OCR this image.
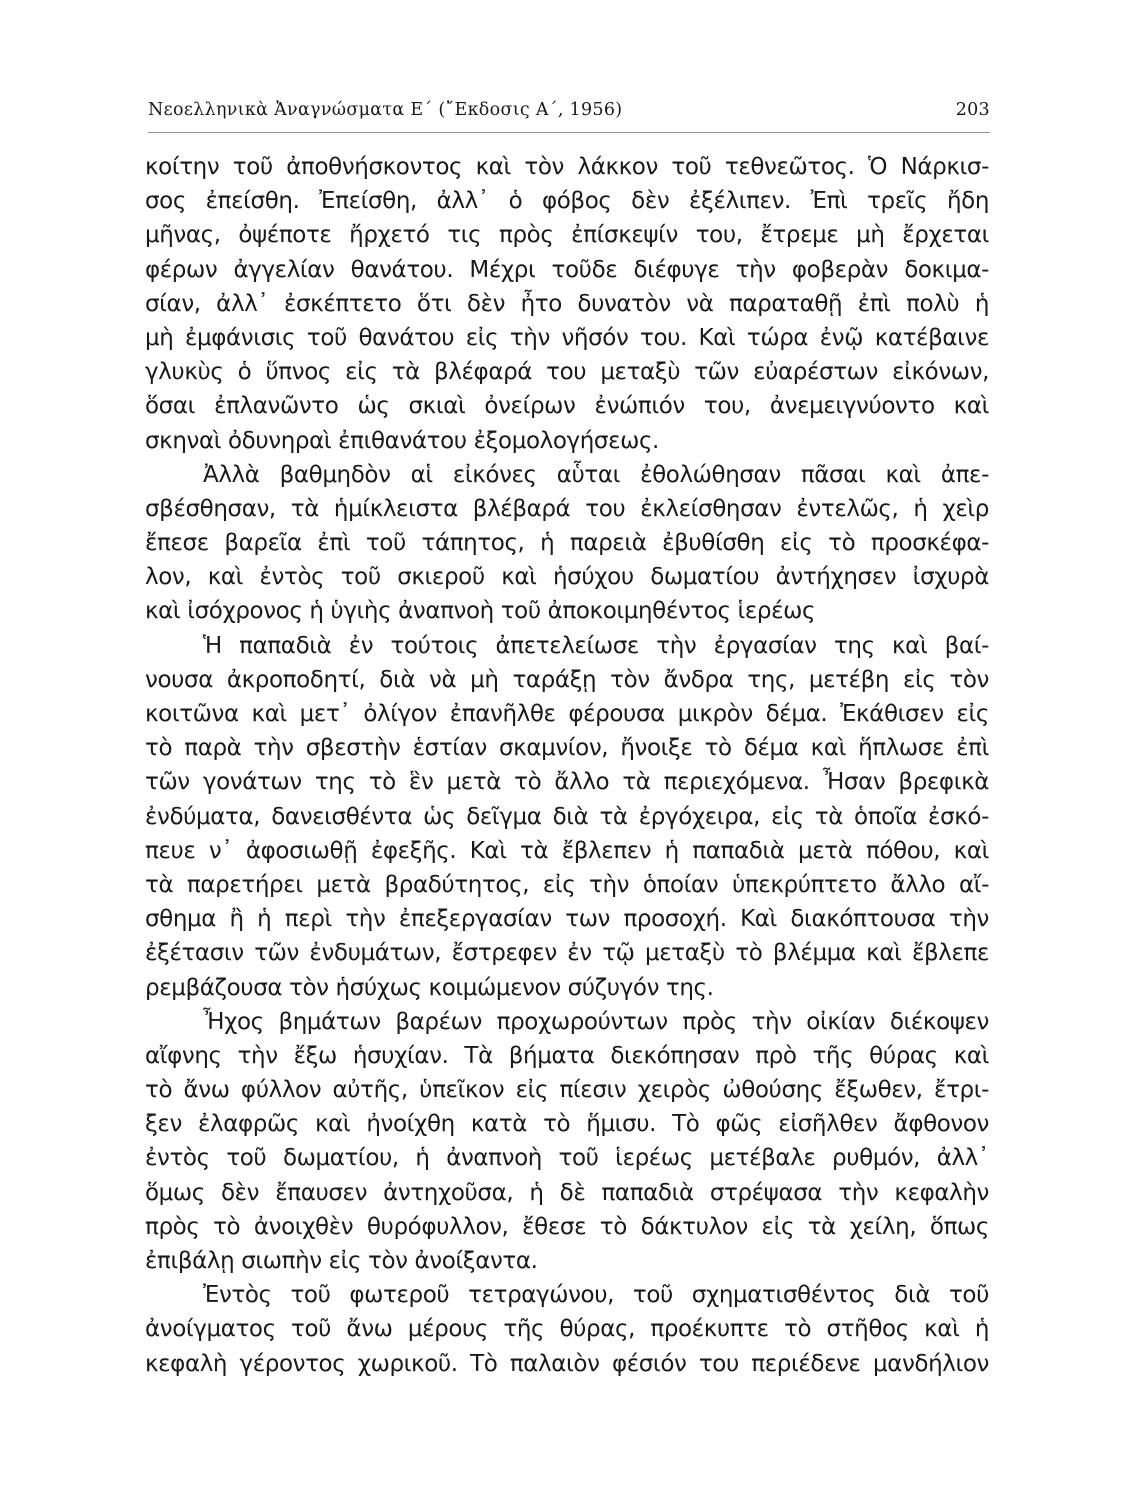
Νεοελληνικὰ Ἀναγνώσματα Ε΄ (῎Εκδοσις Α΄, 1956)	203
κοίτην τοῦ ἀποθνήσκοντος καὶ τὸν λάκκον τοῦ τεθνεῶτος. Ὁ Νάρκισ-
σος ἐπείσθη. Ἐπείσθη, ἀλλ᾿ ὁ φόβος δὲν ἐξέλιπεν. Ἐπὶ τρεῖς ἤδη
μῆνας, ὀψέποτε ἤρχετό τις πρὸς ἐπίσκεψίν του, ἔτρεμε μὴ ἔρχεται
φέρων ἀγγελίαν θανάτου. Μέχρι τοῦδε διέφυγε τὴν φοβερὰν δοκιμα-
σίαν, ἀλλ᾿ ἐσκέπτετο ὅτι δὲν ἦτο δυνατὸν νὰ παραταθῇ ἐπὶ πολὺ ἡ
μὴ ἐμφάνισις τοῦ θανάτου εἰς τὴν νῆσόν του. Καὶ τώρα ἐνῷ κατέβαινε
γλυκὺς ὁ ὕπνος εἰς τὰ βλέφαρά του μεταξὺ τῶν εὐαρέστων εἰκόνων,
ὅσαι ἐπλανῶντο ὡς σκιαὶ ὀνείρων ἐνώπιόν του, ἀνεμειγνύοντο καὶ
σκηναὶ ὀδυνηραὶ ἐπιθανάτου ἐξομολογήσεως.
Ἀλλὰ βαθμηδὸν αἱ εἰκόνες αὗται ἐθολώθησαν πᾶσαι καὶ ἀπε-
σβέσθησαν, τὰ ἡμίκλειστα βλέβαρά του ἐκλείσθησαν ἐντελῶς, ἡ χεὶρ
ἔπεσε βαρεῖα ἐπὶ τοῦ τάπητος, ἡ παρειὰ ἐβυθίσθη εἰς τὸ προσκέφα-
λον, καὶ ἐντὸς τοῦ σκιεροῦ καὶ ἡσύχου δωματίου ἀντήχησεν ἰσχυρὰ
καὶ ἰσόχρονος ἡ ὑγιὴς ἀναπνοὴ τοῦ ἀποκοιμηθέντος ἱερέως
Ἡ παπαδιὰ ἐν τούτοις ἀπετελείωσε τὴν ἐργασίαν της καὶ βαί-
νουσα ἀκροποδητί, διὰ νὰ μὴ ταράξῃ τὸν ἄνδρα της, μετέβη εἰς τὸν
κοιτῶνα καὶ μετ᾿ ὀλίγον ἐπανῆλθε φέρουσα μικρὸν δέμα. Ἐκάθισεν εἰς
τὸ παρὰ τὴν σβεστὴν ἑστίαν σκαμνίον, ἤνοιξε τὸ δέμα καὶ ἥπλωσε ἐπὶ
τῶν γονάτων της τὸ ἓν μετὰ τὸ ἄλλο τὰ περιεχόμενα. Ἦσαν βρεφικὰ
ἐνδύματα, δανεισθέντα ὡς δεῖγμα διὰ τὰ ἐργόχειρα, εἰς τὰ ὁποῖα ἐσκό-
πευε ν᾿ ἀφοσιωθῇ ἐφεξῆς. Καὶ τὰ ἔβλεπεν ἡ παπαδιὰ μετὰ πόθου, καὶ
τὰ παρετήρει μετὰ βραδύτητος, εἰς τὴν ὁποίαν ὑπεκρύπτετο ἄλλο αἴ-
σθημα ἢ ἡ περὶ τὴν ἐπεξεργασίαν των προσοχή. Καὶ διακόπτουσα τὴν
ἐξέτασιν τῶν ἐνδυμάτων, ἔστρεφεν ἐν τῷ μεταξὺ τὸ βλέμμα καὶ ἔβλεπε
ρεμβάζουσα τὸν ἡσύχως κοιμώμενον σύζυγόν της.
Ἦχος βημάτων βαρέων προχωρούντων πρὸς τὴν οἰκίαν διέκοψεν
αἴφνης τὴν ἔξω ἡσυχίαν. Τὰ βήματα διεκόπησαν πρὸ τῆς θύρας καὶ
τὸ ἄνω φύλλον αὐτῆς, ὑπεῖκον εἰς πίεσιν χειρὸς ὠθούσης ἔξωθεν, ἔτρι-
ξεν ἐλαφρῶς καὶ ἠνοίχθη κατὰ τὸ ἥμισυ. Τὸ φῶς εἰσῆλθεν ἄφθονον
ἐντὸς τοῦ δωματίου, ἡ ἀναπνοὴ τοῦ ἱερέως μετέβαλε ρυθμόν, ἀλλ᾿
ὅμως δὲν ἔπαυσεν ἀντηχοῦσα, ἡ δὲ παπαδιὰ στρέψασα τὴν κεφαλὴν
πρὸς τὸ ἀνοιχθὲν θυρόφυλλον, ἔθεσε τὸ δάκτυλον εἰς τὰ χείλη, ὅπως
ἐπιβάλῃ σιωπὴν εἰς τὸν ἀνοίξαντα.
Ἐντὸς τοῦ φωτεροῦ τετραγώνου, τοῦ σχηματισθέντος διὰ τοῦ
ἀνοίγματος τοῦ ἄνω μέρους τῆς θύρας, προέκυπτε τὸ στῆθος καὶ ἡ
κεφαλὴ γέροντος χωρικοῦ. Τὸ παλαιὸν φέσιόν του περιέδενε μανδήλιον
